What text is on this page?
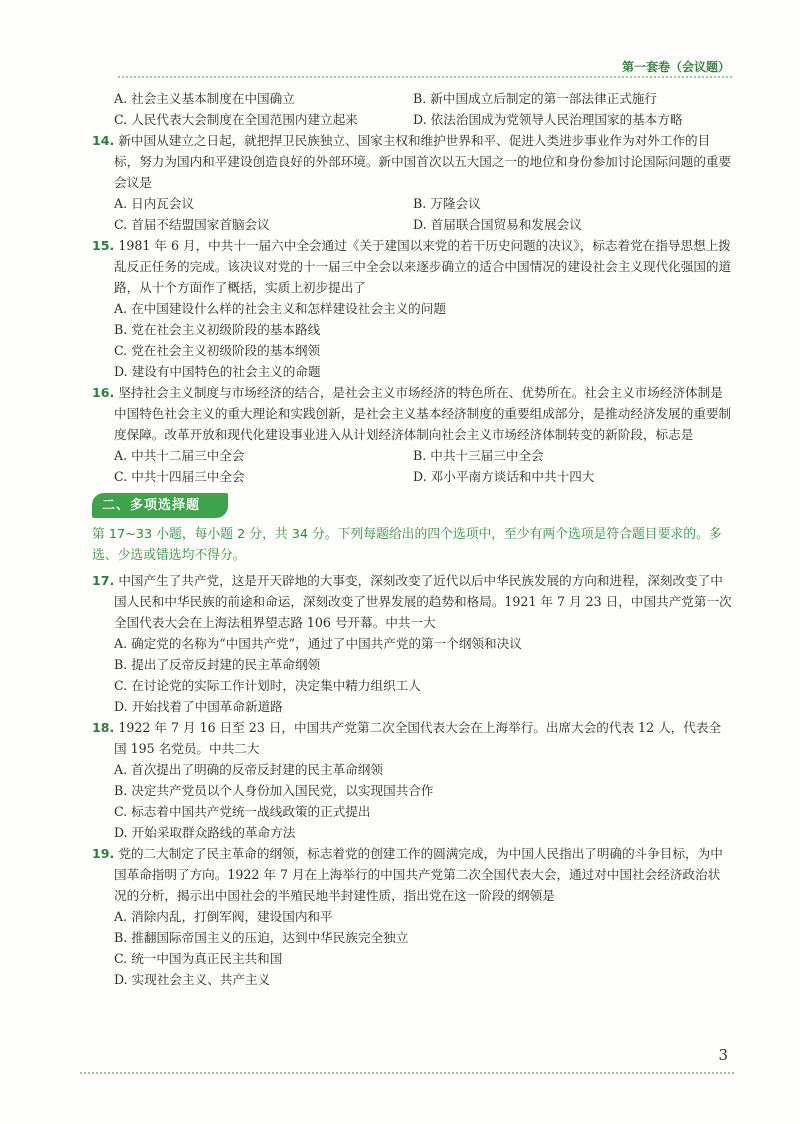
第一套卷（会议题）
A. 社会主义基本制度在中国确立	B. 新中国成立后制定的第一部法律正式施行
C. 人民代表大会制度在全国范围内建立起来	D. 依法治国成为党领导人民治理国家的基本方略

14. 新中国从建立之日起，就把捍卫民族独立、国家主权和维护世界和平、促进人类进步事业作为对外工作的目标，努力为国内和平建设创造良好的外部环境。新中国首次以五大国之一的地位和身份参加讨论国际问题的重要会议是

A. 日内瓦会议	B. 万隆会议
C. 首届不结盟国家首脑会议	D. 首届联合国贸易和发展会议

15. 1981 年 6 月，中共十一届六中全会通过《关于建国以来党的若干历史问题的决议》，标志着党在指导思想上拨乱反正任务的完成。该决议对党的十一届三中全会以来逐步确立的适合中国情况的建设社会主义现代化强国的道路，从十个方面作了概括，实质上初步提出了

A. 在中国建设什么样的社会主义和怎样建设社会主义的问题

B. 党在社会主义初级阶段的基本路线

C. 党在社会主义初级阶段的基本纲领

D. 建设有中国特色的社会主义的命题

16. 坚持社会主义制度与市场经济的结合，是社会主义市场经济的特色所在、优势所在。社会主义市场经济体制是中国特色社会主义的重大理论和实践创新，是社会主义基本经济制度的重要组成部分，是推动经济发展的重要制度保障。改革开放和现代化建设事业进入从计划经济体制向社会主义市场经济体制转变的新阶段，标志是

A. 中共十二届三中全会	B. 中共十三届三中全会
C. 中共十四届三中全会	D. 邓小平南方谈话和中共十四大
二、多项选择题

第 17~33 小题，每小题 2 分，共 34 分。下列每题给出的四个选项中，至少有两个选项是符合题目要求的。多选、少选或错选均不得分。

17. 中国产生了共产党，这是开天辟地的大事变，深刻改变了近代以后中华民族发展的方向和进程，深刻改变了中国人民和中华民族的前途和命运，深刻改变了世界发展的趋势和格局。1921 年 7 月 23 日，中国共产党第一次全国代表大会在上海法租界望志路 106 号开幕。中共一大

A. 确定党的名称为“中国共产党”，通过了中国共产党的第一个纲领和决议

B. 提出了反帝反封建的民主革命纲领

C. 在讨论党的实际工作计划时，决定集中精力组织工人

D. 开始找着了中国革命新道路

18. 1922 年 7 月 16 日至 23 日，中国共产党第二次全国代表大会在上海举行。出席大会的代表 12 人，代表全国 195 名党员。中共二大

A. 首次提出了明确的反帝反封建的民主革命纲领

B. 决定共产党员以个人身份加入国民党，以实现国共合作

C. 标志着中国共产党统一战线政策的正式提出

D. 开始采取群众路线的革命方法

19. 党的二大制定了民主革命的纲领，标志着党的创建工作的圆满完成，为中国人民指出了明确的斗争目标，为中国革命指明了方向。1922 年 7 月在上海举行的中国共产党第二次全国代表大会，通过对中国社会经济政治状况的分析，揭示出中国社会的半殖民地半封建性质，指出党在这一阶段的纲领是

A. 消除内乱，打倒军阀，建设国内和平

B. 推翻国际帝国主义的压迫，达到中华民族完全独立

C. 统一中国为真正民主共和国

D. 实现社会主义、共产主义

3
